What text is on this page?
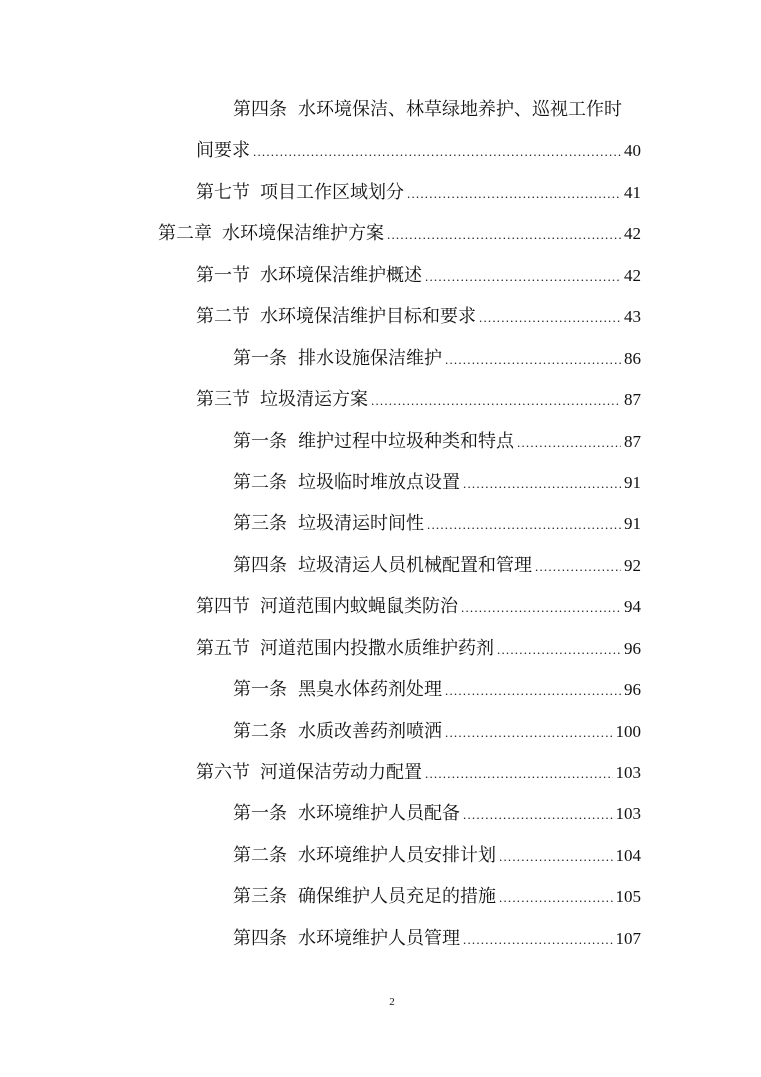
第四条 水环境保洁、林草绿地养护、巡视工作时
间要求 .....	40
第七节 项目工作区域划分 .....	41
第二章 水环境保洁维护方案 .....	42
第一节 水环境保洁维护概述 .....	42
第二节 水环境保洁维护目标和要求 .....	43
第一条 排水设施保洁维护 .....	86
第三节 垃圾清运方案 .....	87
第一条 维护过程中垃圾种类和特点 .....	87
第二条 垃圾临时堆放点设置 .....	91
第三条 垃圾清运时间性 .....	91
第四条 垃圾清运人员机械配置和管理 .....	92
第四节 河道范围内蚊蝇鼠类防治 .....	94
第五节 河道范围内投撒水质维护药剂 .....	96
第一条 黑臭水体药剂处理 .....	96
第二条 水质改善药剂喷洒 .....	100
第六节 河道保洁劳动力配置 .....	103
第一条 水环境维护人员配备 .....	103
第二条 水环境维护人员安排计划 .....	104
第三条 确保维护人员充足的措施 .....	105
第四条 水环境维护人员管理 .....	107
2
